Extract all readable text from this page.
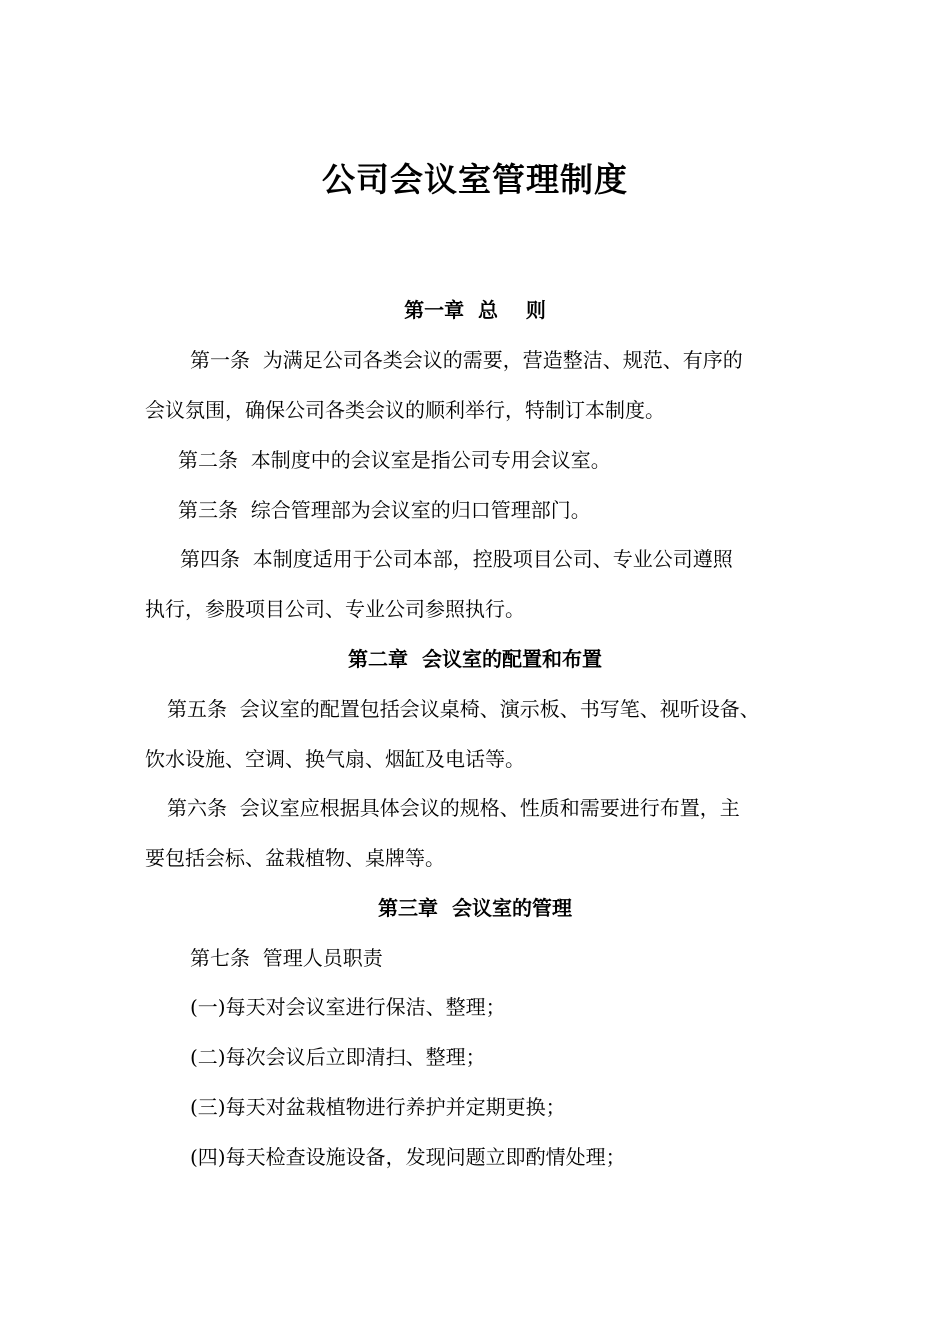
公司会议室管理制度
第一章  总    则
第一条  为满足公司各类会议的需要，营造整洁、规范、有序的
会议氛围，确保公司各类会议的顺利举行，特制订本制度。
第二条  本制度中的会议室是指公司专用会议室。
第三条  综合管理部为会议室的归口管理部门。
第四条  本制度适用于公司本部，控股项目公司、专业公司遵照
执行，参股项目公司、专业公司参照执行。
第二章  会议室的配置和布置
第五条  会议室的配置包括会议桌椅、演示板、书写笔、视听设备、
饮水设施、空调、换气扇、烟缸及电话等。
第六条  会议室应根据具体会议的规格、性质和需要进行布置，主
要包括会标、盆栽植物、桌牌等。
第三章  会议室的管理
第七条  管理人员职责
(一)每天对会议室进行保洁、整理；
(二)每次会议后立即清扫、整理；
(三)每天对盆栽植物进行养护并定期更换；
(四)每天检查设施设备，发现问题立即酌情处理；
